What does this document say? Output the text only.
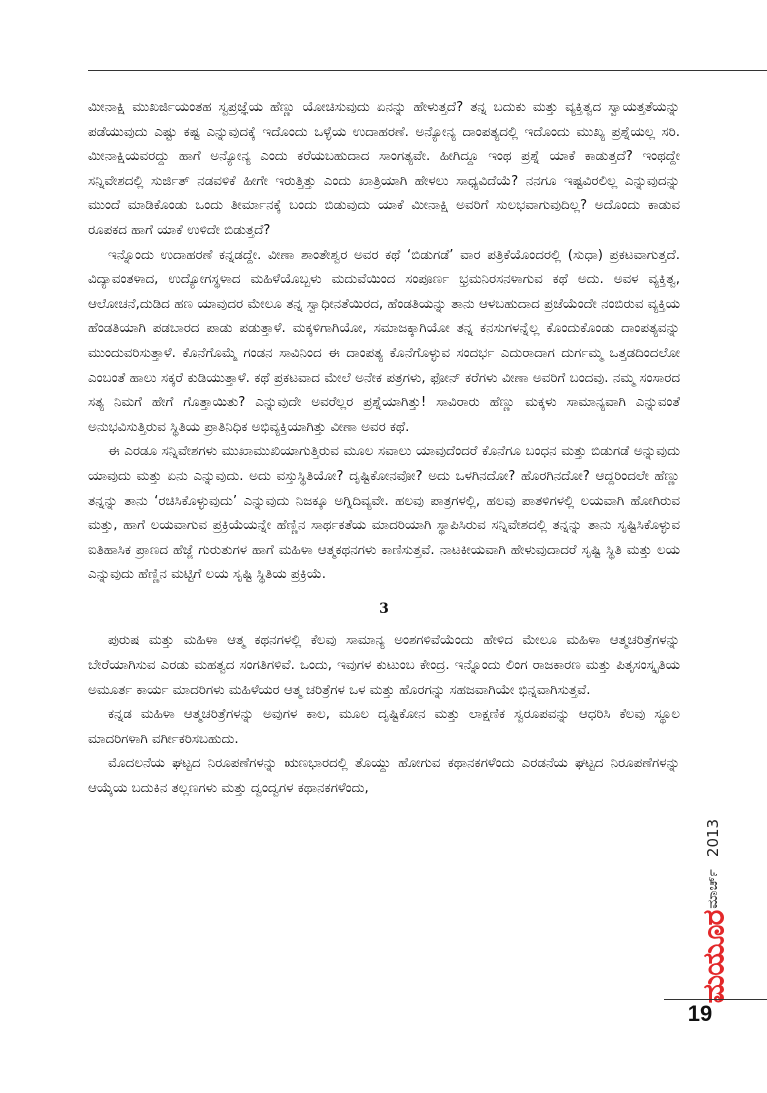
ಮೀನಾಕ್ಷಿ ಮುಖರ್ಜಿಯಂತಹ ಸ್ವಪ್ರಜ್ಞೆಯ ಹೆಣ್ಣು ಯೋಚಿಸುವುದು ಏನನ್ನು ಹೇಳುತ್ತದೆ? ತನ್ನ ಬದುಕು ಮತ್ತು ವ್ಯಕ್ತಿತ್ವದ ಸ್ವಾಯತ್ತತೆಯನ್ನು ಪಡೆಯುವುದು ಎಷ್ಟು ಕಷ್ಟ ಎನ್ನುವುದಕ್ಕೆ ಇದೊಂದು ಒಳ್ಳೆಯ ಉದಾಹರಣೆ. ಅನ್ಯೋನ್ಯ ದಾಂಪತ್ಯದಲ್ಲಿ ಇದೊಂದು ಮುಖ್ಯ ಪ್ರಶ್ನೆಯಲ್ಲ ಸರಿ. ಮೀನಾಕ್ಷಿಯವರದ್ದು ಹಾಗೆ ಅನ್ಯೋನ್ಯ ಎಂದು ಕರೆಯಬಹುದಾದ ಸಾಂಗತ್ಯವೇ. ಹೀಗಿದ್ದೂ ಇಂಥ ಪ್ರಶ್ನೆ ಯಾಕೆ ಕಾಡುತ್ತದೆ? ಇಂಥದ್ದೇ ಸನ್ನಿವೇಶದಲ್ಲಿ ಸುರ್ಜಿತ್ ನಡವಳಿಕೆ ಹೀಗೇ ಇರುತ್ತಿತ್ತು ಎಂದು ಖಾತ್ರಿಯಾಗಿ ಹೇಳಲು ಸಾಧ್ಯವಿದೆಯೆ? ನನಗೂ ಇಷ್ಟವಿರಲಿಲ್ಲ ಎನ್ನುವುದನ್ನು ಮುಂದೆ ಮಾಡಿಕೊಂಡು ಒಂದು ತೀರ್ಮಾನಕ್ಕೆ ಬಂದು ಬಿಡುವುದು ಯಾಕೆ ಮೀನಾಕ್ಷಿ ಅವರಿಗೆ ಸುಲಭವಾಗುವುದಿಲ್ಲ? ಅದೊಂದು ಕಾಡುವ ರೂಪಕದ ಹಾಗೆ ಯಾಕೆ ಉಳಿದೇ ಬಿಡುತ್ತದೆ?

ಇನ್ನೊಂದು ಉದಾಹರಣೆ ಕನ್ನಡದ್ದೇ. ವೀಣಾ ಶಾಂತೇಶ್ವರ ಅವರ ಕಥೆ ‘ಬಿಡುಗಡೆ’ ವಾರ ಪತ್ರಿಕೆಯೊಂದರಲ್ಲಿ (ಸುಧಾ) ಪ್ರಕಟವಾಗುತ್ತದೆ. ವಿದ್ಯಾವಂತಳಾದ, ಉದ್ಯೋಗಸ್ಥಳಾದ ಮಹಿಳೆಯೊಬ್ಬಳು ಮದುವೆಯಿಂದ ಸಂಪೂರ್ಣ ಭ್ರಮನಿರಸನಳಾಗುವ ಕಥೆ ಅದು. ಅವಳ ವ್ಯಕ್ತಿತ್ವ, ಆಲೋಚನೆ,ದುಡಿದ ಹಣ ಯಾವುದರ ಮೇಲೂ ತನ್ನ ಸ್ವಾಧೀನತೆಯಿರದ, ಹೆಂಡತಿಯನ್ನು ತಾನು ಆಳಬಹುದಾದ ಪ್ರಜೆಯೆಂದೇ ನಂಬಿರುವ ವ್ಯಕ್ತಿಯ ಹೆಂಡತಿಯಾಗಿ ಪಡಬಾರದ ಪಾಡು ಪಡುತ್ತಾಳೆ. ಮಕ್ಕಳಿಗಾಗಿಯೋ, ಸಮಾಜಕ್ಕಾಗಿಯೋ ತನ್ನ ಕನಸುಗಳನ್ನೆಲ್ಲ ಕೊಂದುಕೊಂಡು ದಾಂಪತ್ಯವನ್ನು ಮುಂದುವರಿಸುತ್ತಾಳೆ. ಕೊನೆಗೊಮ್ಮೆ ಗಂಡನ ಸಾವಿನಿಂದ ಈ ದಾಂಪತ್ಯ ಕೊನೆಗೊಳ್ಳುವ ಸಂದರ್ಭ ಎದುರಾದಾಗ ದುರ್ಗಮ್ಮ ಒತ್ತಡದಿಂದಲೋ ಎಂಬಂತೆ ಹಾಲು ಸಕ್ಕರೆ ಕುಡಿಯುತ್ತಾಳೆ. ಕಥೆ ಪ್ರಕಟವಾದ ಮೇಲೆ ಅನೇಕ ಪತ್ರಗಳು, ಫೋನ್ ಕರೆಗಳು ವೀಣಾ ಅವರಿಗೆ ಬಂದವು. ನಮ್ಮ ಸಂಸಾರದ ಸತ್ಯ ನಿಮಗೆ ಹೇಗೆ ಗೊತ್ತಾಯಿತು? ಎನ್ನುವುದೇ ಅವರೆಲ್ಲರ ಪ್ರಶ್ನೆಯಾಗಿತ್ತು! ಸಾವಿರಾರು ಹೆಣ್ಣು ಮಕ್ಕಳು ಸಾಮಾನ್ಯವಾಗಿ ಎನ್ನುವಂತೆ ಅನುಭವಿಸುತ್ತಿರುವ ಸ್ಥಿತಿಯ ಪ್ರಾತಿನಿಧಿಕ ಅಭಿವ್ಯಕ್ತಿಯಾಗಿತ್ತು ವೀಣಾ ಅವರ ಕಥೆ.

ಈ ಎರಡೂ ಸನ್ನಿವೇಶಗಳು ಮುಖಾಮುಖಿಯಾಗುತ್ತಿರುವ ಮೂಲ ಸವಾಲು ಯಾವುದೆಂದರೆ ಕೊನೆಗೂ ಬಂಧನ ಮತ್ತು ಬಿಡುಗಡೆ ಅನ್ನುವುದು ಯಾವುದು ಮತ್ತು ಏನು ಎನ್ನುವುದು. ಅದು ವಸ್ತುಸ್ಥಿತಿಯೋ? ದೃಷ್ಟಿಕೋನವೋ? ಅದು ಒಳಗಿನದೋ? ಹೊರಗಿನದೋ? ಆದ್ದರಿಂದಲೇ ಹೆಣ್ಣು ತನ್ನನ್ನು ತಾನು ‘ರಚಿಸಿಕೊಳ್ಳುವುದು’ ಎನ್ನುವುದು ನಿಜಕ್ಕೂ ಅಗ್ನಿದಿವ್ಯವೇ. ಹಲವು ಪಾತ್ರಗಳಲ್ಲಿ, ಹಲವು ಪಾತಳಿಗಳಲ್ಲಿ ಲಯವಾಗಿ ಹೋಗಿರುವ ಮತ್ತು, ಹಾಗೆ ಲಯವಾಗುವ ಪ್ರಕ್ರಿಯೆಯನ್ನೇ ಹೆಣ್ಣಿನ ಸಾರ್ಥಕತೆಯ ಮಾದರಿಯಾಗಿ ಸ್ಥಾಪಿಸಿರುವ ಸನ್ನಿವೇಶದಲ್ಲಿ ತನ್ನನ್ನು ತಾನು ಸೃಷ್ಟಿಸಿಕೊಳ್ಳುವ ಐತಿಹಾಸಿಕ ಪ್ರಾಣದ ಹೆಜ್ಜೆ ಗುರುತುಗಳ ಹಾಗೆ ಮಹಿಳಾ ಆತ್ಮಕಥನಗಳು ಕಾಣಿಸುತ್ತವೆ. ನಾಟಕೀಯವಾಗಿ ಹೇಳುವುದಾದರೆ ಸೃಷ್ಟಿ ಸ್ಥಿತಿ ಮತ್ತು ಲಯ ಎನ್ನುವುದು ಹೆಣ್ಣಿನ ಮಟ್ಟಿಗೆ ಲಯ ಸೃಷ್ಟಿ ಸ್ಥಿತಿಯ ಪ್ರಕ್ರಿಯೆ.

3

ಪುರುಷ ಮತ್ತು ಮಹಿಳಾ ಆತ್ಮ ಕಥನಗಳಲ್ಲಿ ಕೆಲವು ಸಾಮಾನ್ಯ ಅಂಶಗಳಿವೆಯೆಂದು ಹೇಳಿದ ಮೇಲೂ ಮಹಿಳಾ ಆತ್ಮಚರಿತ್ರೆಗಳನ್ನು ಬೇರೆಯಾಗಿಸುವ ಎರಡು ಮಹತ್ವದ ಸಂಗತಿಗಳಿವೆ. ಒಂದು, ಇವುಗಳ ಕುಟುಂಬ ಕೇಂದ್ರ. ಇನ್ನೊಂದು ಲಿಂಗ ರಾಜಕಾರಣ ಮತ್ತು ಪಿತೃಸಂಸ್ಕೃತಿಯ ಅಮೂರ್ತ ಕಾರ್ಯ ಮಾದರಿಗಳು ಮಹಿಳೆಯರ ಆತ್ಮ ಚರಿತ್ರೆಗಳ ಒಳ ಮತ್ತು ಹೊರಗನ್ನು ಸಹಜವಾಗಿಯೇ ಭಿನ್ನವಾಗಿಸುತ್ತವೆ.

ಕನ್ನಡ ಮಹಿಳಾ ಆತ್ಮಚರಿತ್ರೆಗಳನ್ನು ಅವುಗಳ ಕಾಲ, ಮೂಲ ದೃಷ್ಟಿಕೋನ ಮತ್ತು ಲಾಕ್ಷಣಿಕ ಸ್ವರೂಪವನ್ನು ಆಧರಿಸಿ ಕೆಲವು ಸ್ಥೂಲ ಮಾದರಿಗಳಾಗಿ ವರ್ಗೀಕರಿಸಬಹುದು.

ಮೊದಲನೆಯ ಘಟ್ಟದ ನಿರೂಪಣೆಗಳನ್ನು ಋಣಭಾರದಲ್ಲಿ ತೊಯ್ದು ಹೋಗುವ ಕಥಾನಕಗಳೆಂದು ಎರಡನೆಯ ಘಟ್ಟದ ನಿರೂಪಣೆಗಳನ್ನು ಆಯ್ಕೆಯ ಬದುಕಿನ ತಲ್ಲಣಗಳು ಮತ್ತು ದ್ವಂದ್ವಗಳ ಕಥಾನಕಗಳೆಂದು,

2013
ಮಾರ್ಚ್
ಮಯೂರ
19
